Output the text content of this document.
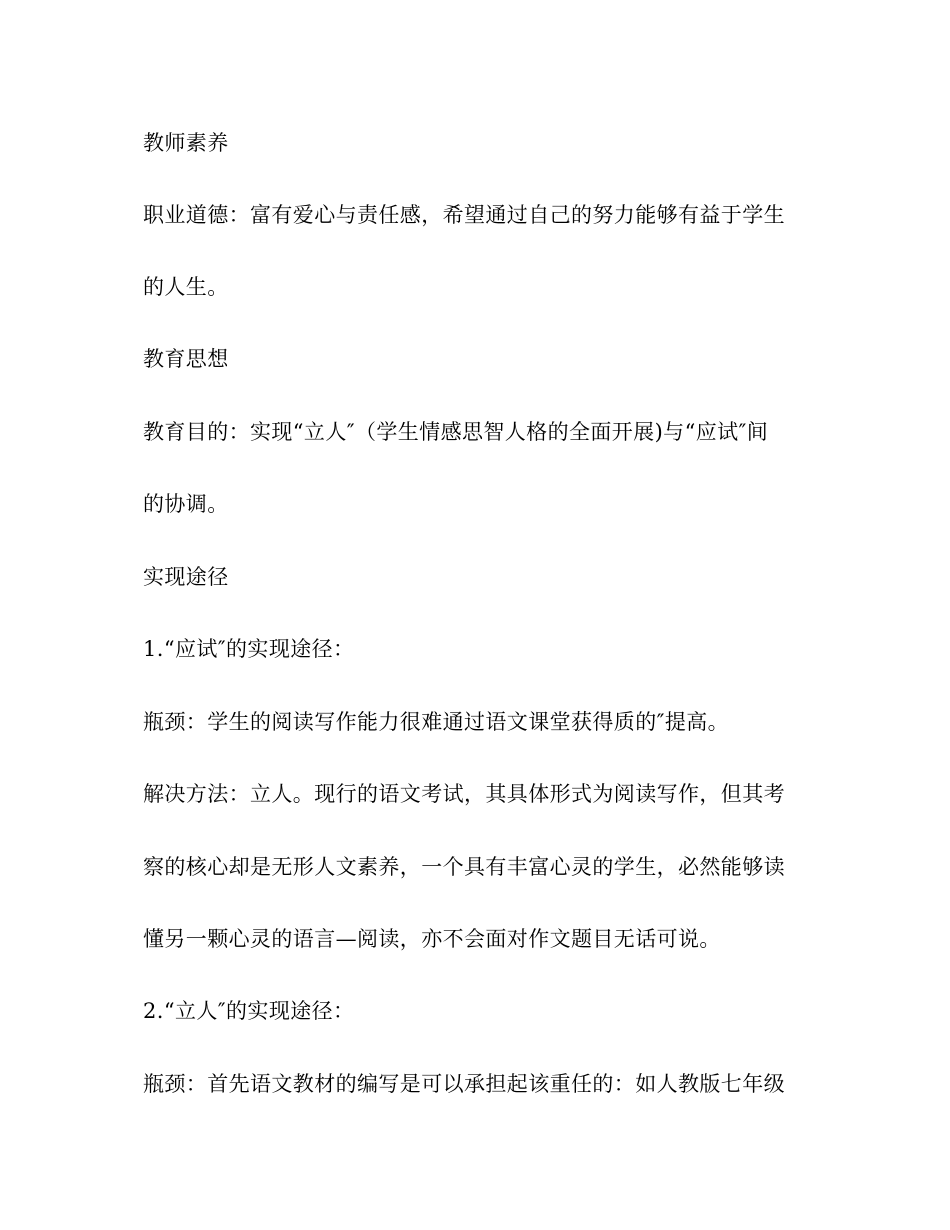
教师素养
职业道德：富有爱心与责任感，希望通过自己的努力能够有益于学生
的人生。
教育思想
教育目的：实现“立人″（学生情感思智人格的全面开展)与“应试″间
的协调。
实现途径
1.“应试″的实现途径：
瓶颈：学生的阅读写作能力很难通过语文课堂获得质的″提高。
解决方法：立人。现行的语文考试，其具体形式为阅读写作，但其考
察的核心却是无形人文素养，一个具有丰富心灵的学生，必然能够读
懂另一颗心灵的语言—阅读，亦不会面对作文题目无话可说。
2.“立人″的实现途径：
瓶颈：首先语文教材的编写是可以承担起该重任的：如人教版七年级
